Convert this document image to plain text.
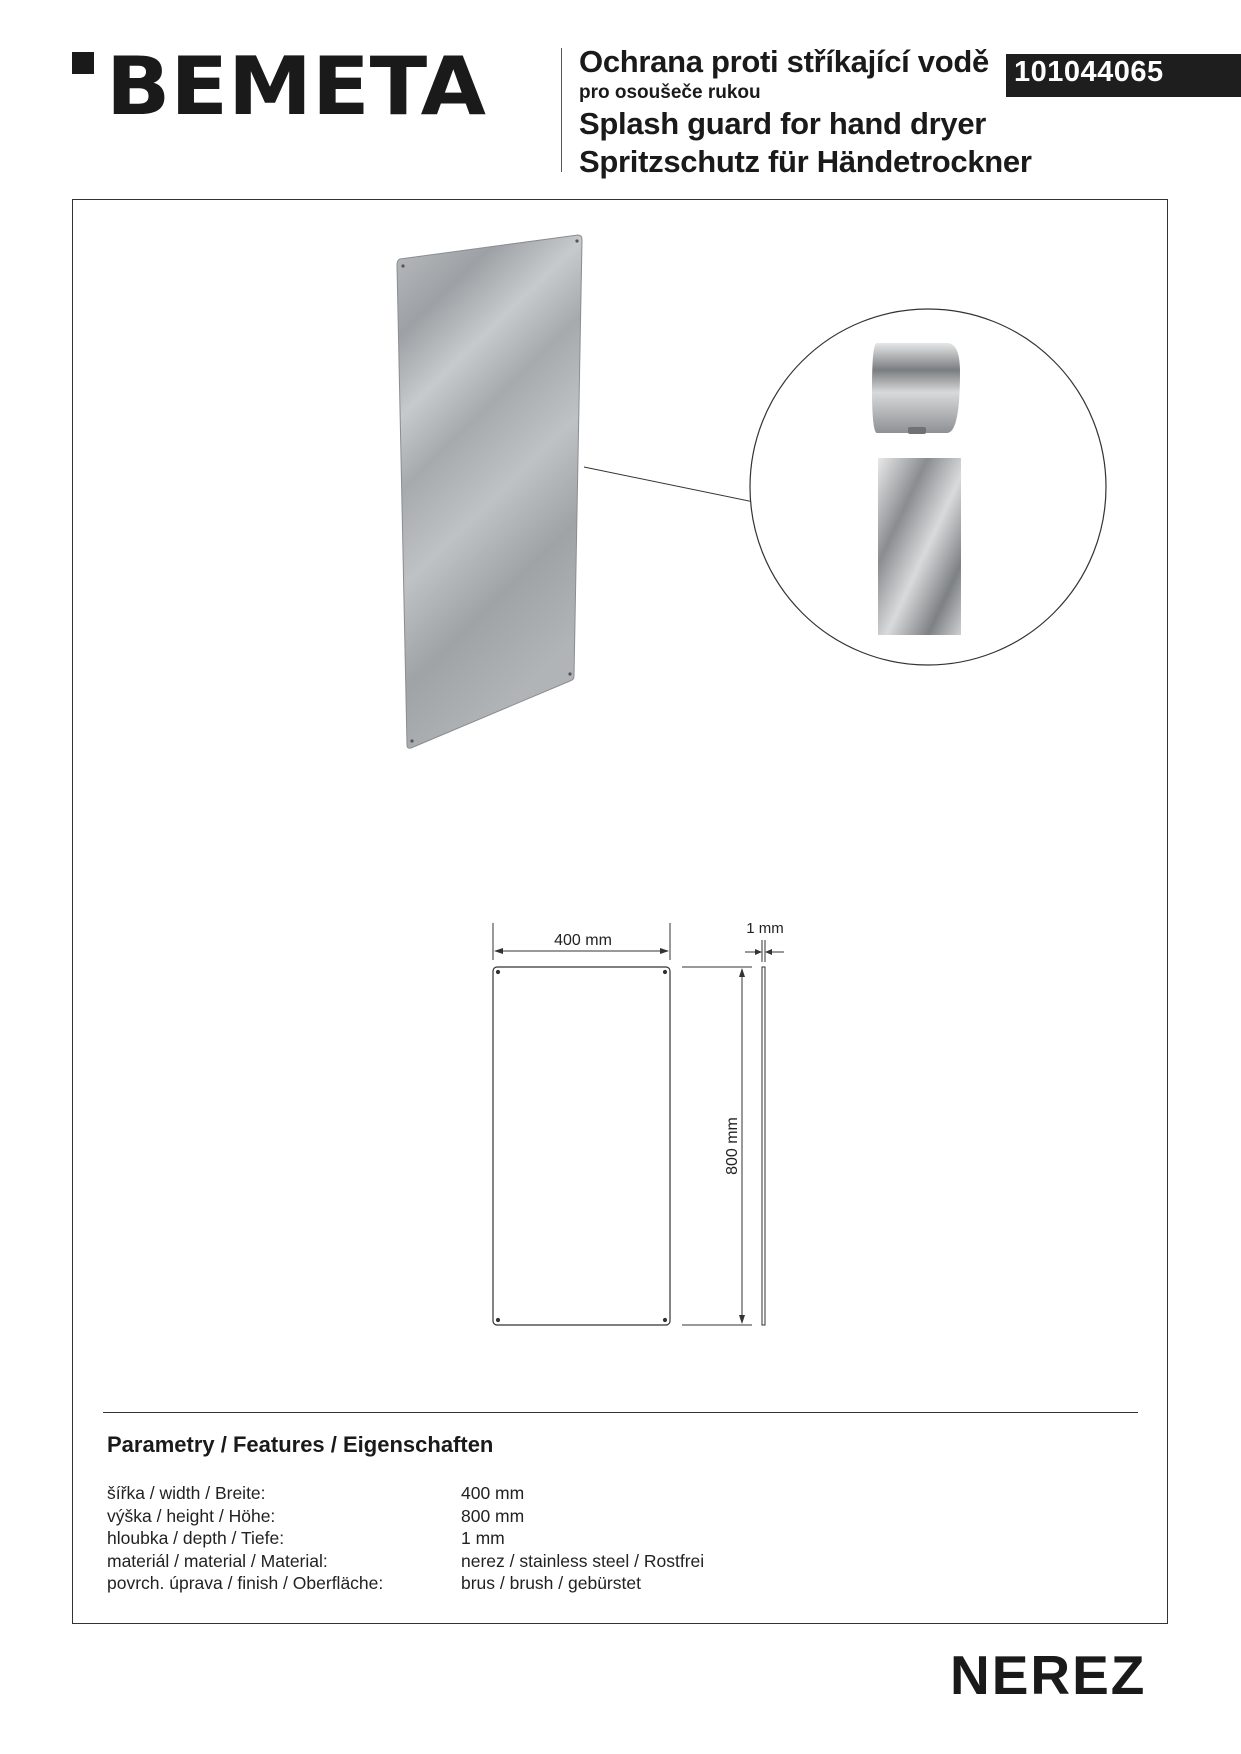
BEMETA	Ochrana proti stříkající vodě
pro osoušeče rukou
Splash guard for hand dryer
Spritzschutz für Händetrockner
101044065
400 mm
1 mm
800 mm
Parametry / Features / Eigenschaften
šířka / width / Breite:	400 mm
výška / height / Höhe:	800 mm
hloubka / depth / Tiefe:	1 mm
materiál / material / Material:	nerez / stainless steel / Rostfrei
povrch. úprava / finish / Oberfläche:	brus / brush / gebürstet
NEREZ
